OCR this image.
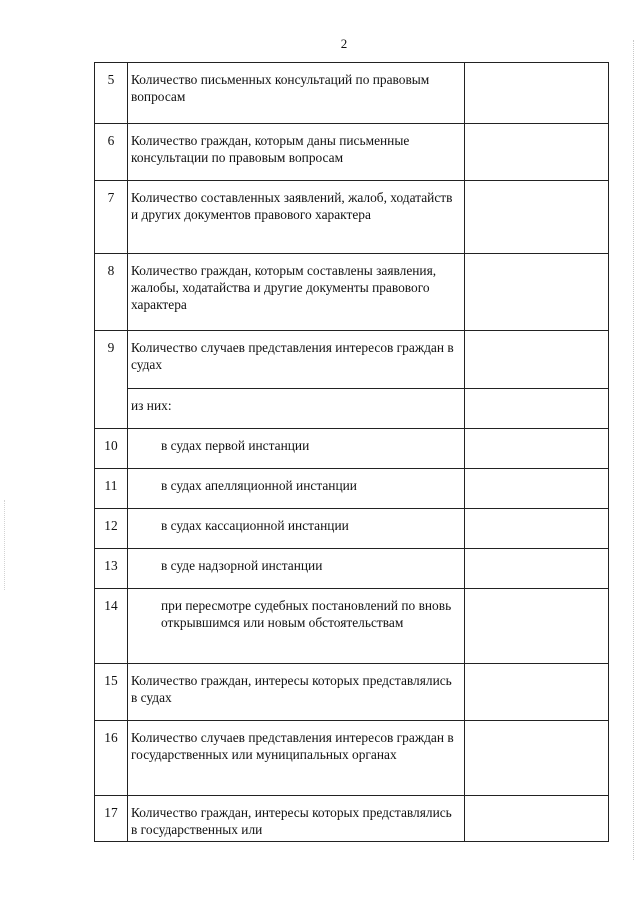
2
5	Количество письменных консультаций по правовым вопросам	
6	Количество граждан, которым даны письменные консультации по правовым вопросам	
7	Количество составленных заявлений, жалоб, ходатайств и других документов правового характера	
8	Количество граждан, которым составлены заявления, жалобы, ходатайства и другие документы правового характера	
9	Количество случаев представления интересов граждан в судах	
	из них:	
10	в судах первой инстанции	
11	в судах апелляционной инстанции	
12	в судах кассационной инстанции	
13	в суде надзорной инстанции	
14	при пересмотре судебных постановлений по вновь открывшимся или новым обстоятельствам	
15	Количество граждан, интересы которых представлялись в судах	
16	Количество случаев представления интересов граждан в государственных или муниципальных органах	
17	Количество граждан, интересы которых представлялись в государственных или	
